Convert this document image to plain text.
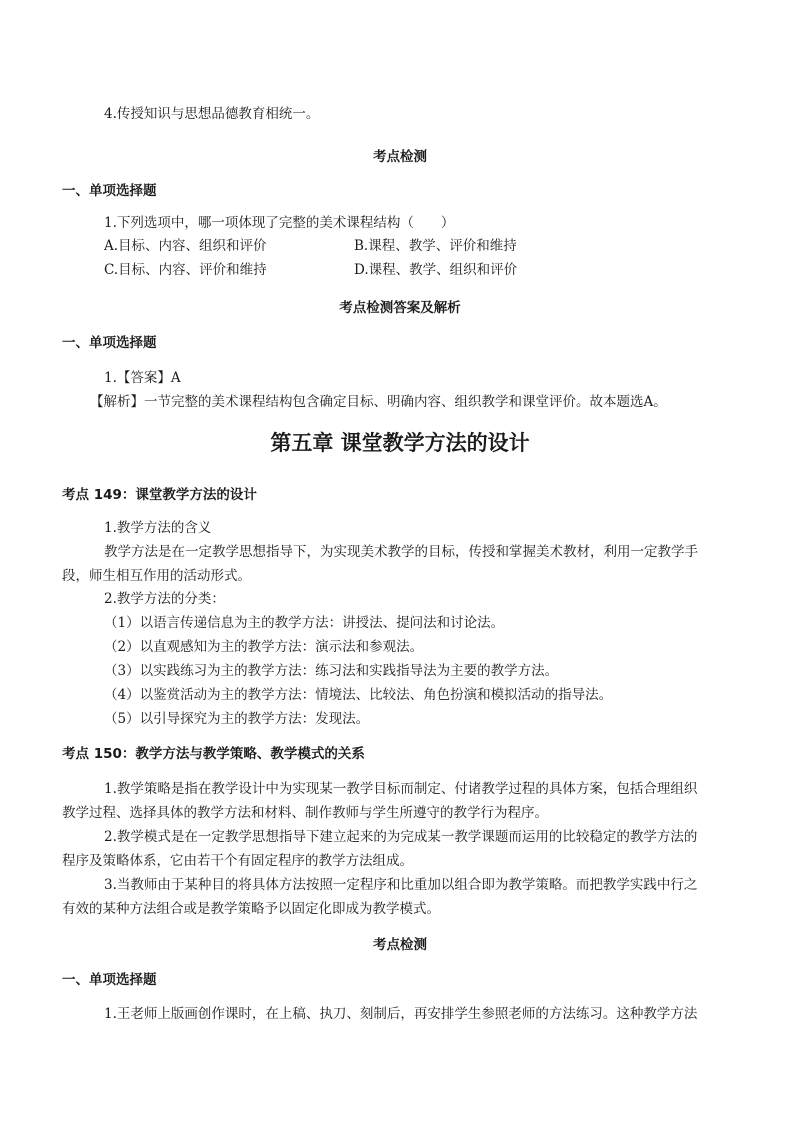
4.传授知识与思想品德教育相统一。
考点检测
一、单项选择题
1.下列选项中，哪一项体现了完整的美术课程结构（　　）
A.目标、内容、组织和评价	B.课程、教学、评价和维持
C.目标、内容、评价和维持	D.课程、教学、组织和评价
考点检测答案及解析
一、单项选择题
1.【答案】A
【解析】一节完整的美术课程结构包含确定目标、明确内容、组织教学和课堂评价。故本题选A。
第五章 课堂教学方法的设计
考点 149：课堂教学方法的设计
1.教学方法的含义
教学方法是在一定教学思想指导下，为实现美术教学的目标，传授和掌握美术教材，利用一定教学手
段，师生相互作用的活动形式。
2.教学方法的分类：
（1）以语言传递信息为主的教学方法：讲授法、提问法和讨论法。
（2）以直观感知为主的教学方法：演示法和参观法。
（3）以实践练习为主的教学方法：练习法和实践指导法为主要的教学方法。
（4）以鉴赏活动为主的教学方法：情境法、比较法、角色扮演和模拟活动的指导法。
（5）以引导探究为主的教学方法：发现法。
考点 150：教学方法与教学策略、教学模式的关系
1.教学策略是指在教学设计中为实现某一教学目标而制定、付诸教学过程的具体方案，包括合理组织
教学过程、选择具体的教学方法和材料、制作教师与学生所遵守的教学行为程序。
2.教学模式是在一定教学思想指导下建立起来的为完成某一教学课题而运用的比较稳定的教学方法的
程序及策略体系，它由若干个有固定程序的教学方法组成。
3.当教师由于某种目的将具体方法按照一定程序和比重加以组合即为教学策略。而把教学实践中行之
有效的某种方法组合或是教学策略予以固定化即成为教学模式。
考点检测
一、单项选择题
1.王老师上版画创作课时，在上稿、执刀、刻制后，再安排学生参照老师的方法练习。这种教学方法
